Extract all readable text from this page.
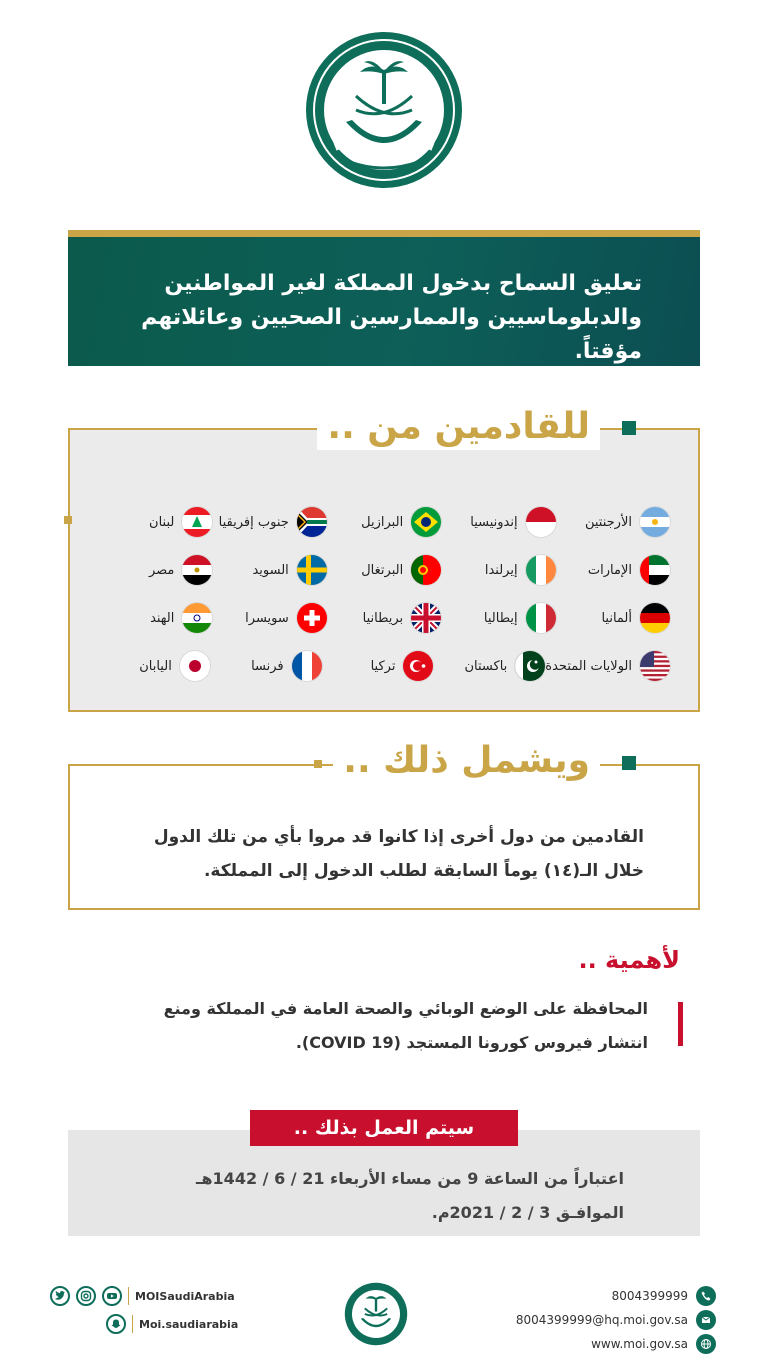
تعليق السماح بدخول المملكة لغير المواطنين
والدبلوماسيين والممارسين الصحيين وعائلاتهم مؤقتاً.
الأرجنتين
إندونيسيا
البرازيل
جنوب إفريقيا
لبنان
الإمارات
إيرلندا
البرتغال
السويد
مصر
ألمانيا
إيطاليا
بريطانيا
سويسرا
الهند
الولايات المتحدة
باكستان
تركيا
فرنسا
اليابان
للقادمين من ..
القادمين من دول أخرى إذا كانوا قد مروا بأي من تلك الدول
خلال الـ(١٤) يوماً السابقة لطلب الدخول إلى المملكة.
ويشمل ذلك ..
لأهمية ..
المحافظة على الوضع الوبائي والصحة العامة في المملكة ومنع
انتشار فيروس كورونا المستجد (COVID 19).
سيتم العمل بذلك ..
اعتباراً من الساعة 9 من مساء الأربعاء 21 / 6 / 1442هـ
الموافـق 3 / 2 / 2021م.
MOISaudiArabia
Moi.saudiarabia
8004399999
8004399999@hq.moi.gov.sa
www.moi.gov.sa
